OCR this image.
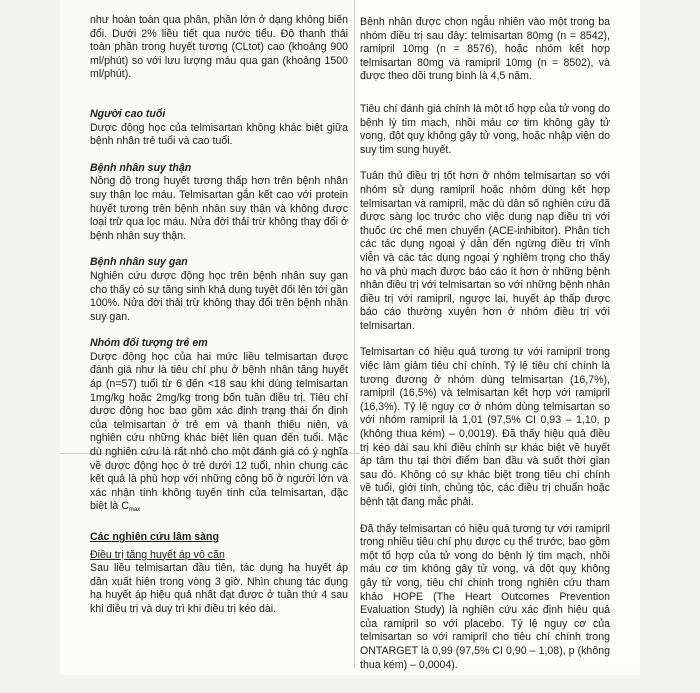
như hoàn toàn qua phân, phần lớn ở dạng không biến đổi. Dưới 2% liều tiết qua nước tiểu. Độ thanh thải toàn phần trong huyết tương (CLtot) cao (khoảng 900 ml/phút) so với lưu lượng máu qua gan (khoảng 1500 ml/phút).

Người cao tuổi

Dược động học của telmisartan không khác biệt giữa bệnh nhân trẻ tuổi và cao tuổi.

Bệnh nhân suy thận

Nồng độ trong huyết tương thấp hơn trên bệnh nhân suy thận lọc máu. Telmisartan gắn kết cao với protein huyết tương trên bệnh nhân suy thận và không được loại trừ qua lọc máu. Nửa đời thải trừ không thay đổi ở bệnh nhân suy thận.

Bệnh nhân suy gan

Nghiên cứu dược động học trên bệnh nhân suy gan cho thấy có sự tăng sinh khả dụng tuyệt đối lên tới gần 100%. Nửa đời thải trừ không thay đổi trên bệnh nhân suy gan.

Nhóm đối tượng trẻ em

Dược động học của hai mức liều telmisartan được đánh giá như là tiêu chí phụ ở bệnh nhân tăng huyết áp (n=57) tuổi từ 6 đến <18 sau khi dùng telmisartan 1mg/kg hoặc 2mg/kg trong bốn tuần điều trị. Tiêu chí dược động học bao gồm xác định trạng thái ổn định của telmisartan ở trẻ em và thanh thiếu niên, và nghiên cứu những khác biệt liên quan đến tuổi. Mặc dù nghiên cứu là rất nhỏ cho một đánh giá có ý nghĩa về dược động học ở trẻ dưới 12 tuổi, nhìn chung các kết quả là phù hợp với những công bố ở người lớn và xác nhận tính không tuyến tính của telmisartan, đặc biệt là $C_{max}$

Các nghiên cứu lâm sàng
Điều trị tăng huyết áp vô căn

Sau liều telmisartan đầu tiên, tác dụng hạ huyết áp dần xuất hiện trong vòng 3 giờ. Nhìn chung tác dụng hạ huyết áp hiệu quả nhất đạt được ở tuần thứ 4 sau khi điều trị và duy trì khi điều trị kéo dài.

Bệnh nhân được chọn ngẫu nhiên vào một trong ba nhóm điều trị sau đây: telmisartan 80mg (n = 8542), ramipril 10mg (n = 8576), hoặc nhóm kết hợp telmisartan 80mg và ramipril 10mg (n = 8502), và được theo dõi trung bình là 4,5 năm.

Tiêu chí đánh giá chính là một tổ hợp của tử vong do bệnh lý tim mạch, nhồi máu cơ tim không gây tử vong, đột quỵ không gây tử vong, hoặc nhập viện do suy tim sung huyết.

Tuân thủ điều trị tốt hơn ở nhóm telmisartan so với nhóm sử dụng ramipril hoặc nhóm dùng kết hợp telmisartan và ramipril, mặc dù dân số nghiên cứu đã được sàng lọc trước cho việc dung nạp điều trị với thuốc ức chế men chuyển (ACE-inhibitor). Phân tích các tác dụng ngoại ý dẫn đến ngừng điều trị vĩnh viễn và các tác dụng ngoại ý nghiêm trọng cho thấy ho và phù mạch được báo cáo ít hơn ở những bệnh nhân điều trị với telmisartan so với những bệnh nhân điều trị với ramipril, ngược lại, huyết áp thấp được báo cáo thường xuyên hơn ở nhóm điều trị với telmisartan.

Telmisartan có hiệu quả tương tự với ramipril trong việc làm giảm tiêu chí chính. Tỷ lệ tiêu chí chính là tương đương ở nhóm dùng telmisartan (16,7%), ramipril (16,5%) và telmisartan kết hợp với ramipril (16,3%). Tỷ lệ nguy cơ ở nhóm dùng telmisartan so với nhóm ramipril là 1,01 (97,5% CI 0,93 – 1,10, p (không thua kém) – 0,0019). Đã thấy hiệu quả điều trị kéo dài sau khi điều chỉnh sự khác biệt về huyết áp tâm thu tại thời điểm ban đầu và suốt thời gian sau đó. Không có sự khác biệt trong tiêu chí chính về tuổi, giới tính, chủng tộc, các điều trị chuẩn hoặc bệnh tật đang mắc phải.

Đã thấy telmisartan có hiệu quả tương tự với ramipril trong nhiều tiêu chí phụ được cụ thể trước, bao gồm một tổ hợp của tử vong do bệnh lý tim mạch, nhồi máu cơ tim không gây tử vong, và đột quỵ không gây tử vong, tiêu chí chính trong nghiên cứu tham khảo HOPE (The Heart Outcomes Prevention Evaluation Study) là nghiên cứu xác định hiệu quả của ramipril so với placebo. Tỷ lệ nguy cơ của telmisartan so với ramipril cho tiêu chí chính trong ONTARGET là 0,99 (97,5% CI 0,90 – 1,08), p (không thua kém) – 0,0004).
